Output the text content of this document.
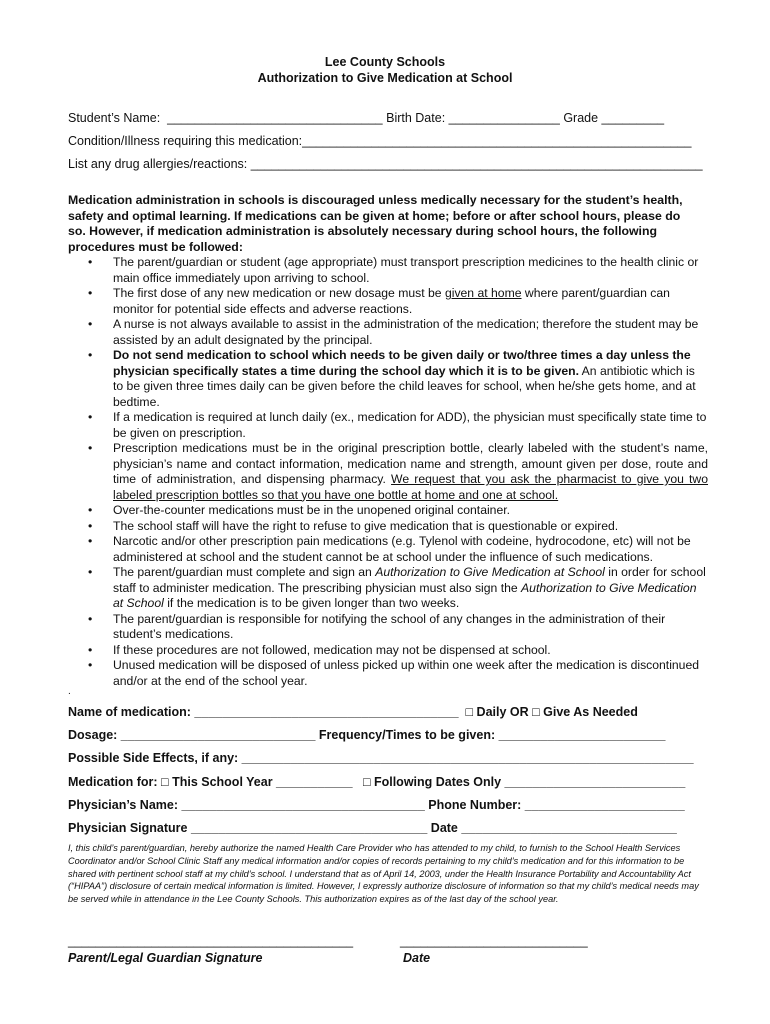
Lee County Schools
Authorization to Give Medication at School
Student’s Name:  _______________________________ Birth Date: ________________ Grade _________
Condition/Illness requiring this medication:________________________________________________________
List any drug allergies/reactions: _________________________________________________________________
Medication administration in schools is discouraged unless medically necessary for the student’s health, safety and optimal learning. If medications can be given at home; before or after school hours, please do so. However, if medication administration is absolutely necessary during school hours, the following procedures must be followed:
• The parent/guardian or student (age appropriate) must transport prescription medicines to the health clinic or main office immediately upon arriving to school.
• The first dose of any new medication or new dosage must be given at home where parent/guardian can monitor for potential side effects and adverse reactions.
• A nurse is not always available to assist in the administration of the medication; therefore the student may be assisted by an adult designated by the principal.
• Do not send medication to school which needs to be given daily or two/three times a day unless the physician specifically states a time during the school day which it is to be given. An antibiotic which is to be given three times daily can be given before the child leaves for school, when he/she gets home, and at bedtime.
• If a medication is required at lunch daily (ex., medication for ADD), the physician must specifically state time to be given on prescription.
• Prescription medications must be in the original prescription bottle, clearly labeled with the student’s name, physician’s name and contact information, medication name and strength, amount given per dose, route and time of administration, and dispensing pharmacy. We request that you ask the pharmacist to give you two labeled prescription bottles so that you have one bottle at home and one at school.
• Over-the-counter medications must be in the unopened original container.
• The school staff will have the right to refuse to give medication that is questionable or expired.
• Narcotic and/or other prescription pain medications (e.g. Tylenol with codeine, hydrocodone, etc) will not be administered at school and the student cannot be at school under the influence of such medications.
• The parent/guardian must complete and sign an Authorization to Give Medication at School in order for school staff to administer medication. The prescribing physician must also sign the Authorization to Give Medication at School if the medication is to be given longer than two weeks.
• The parent/guardian is responsible for notifying the school of any changes in the administration of their student’s medications.
• If these procedures are not followed, medication may not be dispensed at school.
• Unused medication will be disposed of unless picked up within one week after the medication is discontinued and/or at the end of the school year.
.
Name of medication: ______________________________________  □ Daily OR □ Give As Needed
Dosage: ____________________________ Frequency/Times to be given: ________________________
Possible Side Effects, if any: _________________________________________________________________
Medication for: □ This School Year ___________   □ Following Dates Only __________________________
Physician’s Name: ___________________________________ Phone Number: _______________________
Physician Signature __________________________________ Date _______________________________
I, this child’s parent/guardian, hereby authorize the named Health Care Provider who has attended to my child, to furnish to the School Health Services Coordinator and/or School Clinic Staff any medical information and/or copies of records pertaining to my child’s medication and for this information to be shared with pertinent school staff at my child’s school. I understand that as of April 14, 2003, under the Health Insurance Portability and Accountability Act (“HIPAA”) disclosure of certain medical information is limited. However, I expressly authorize disclosure of information so that my child’s medical needs may be served while in attendance in the Lee County Schools. This authorization expires as of the last day of the school year.
_________________________________________	___________________________
Parent/Legal Guardian Signature	Date
